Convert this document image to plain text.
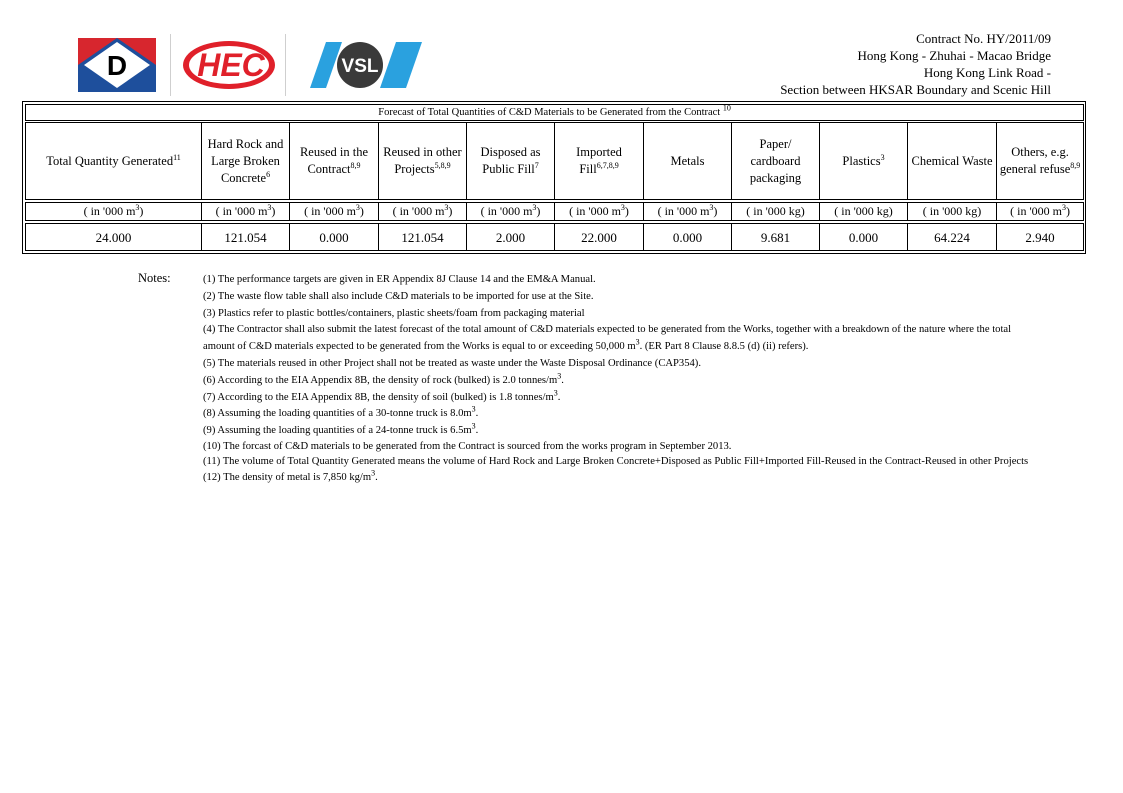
D HEC	VSL
Contract No. HY/2011/09
Hong Kong - Zhuhai - Macao Bridge
Hong Kong Link Road -
Section between HKSAR Boundary and Scenic Hill
Forecast of Total Quantities of C&D Materials to be Generated from the Contract $^{10}$
Total Quantity Generated$^{11}$	Hard Rock and Large Broken Concrete$^6$	Reused in the Contract$^{8,9}$	Reused in other Projects$^{5,8,9}$	Disposed as Public Fill$^7$	Imported Fill$^{6,7,8,9}$	Metals	Paper/ cardboard packaging	Plastics$^3$	Chemical Waste	Others, e.g. general refuse$^{8,9}$

( in '000 $m^3$)	( in '000 $m^3$)	( in '000 $m^3$)	( in '000 $m^3$)	( in '000 $m^3$)	( in '000 $m^3$)	( in '000 $m^3$)	( in '000 kg)	( in '000 kg)	( in '000 kg)	( in '000 $m^3$)

24.000	121.054	0.000	121.054	2.000	22.000	0.000	9.681	0.000	64.224	2.940
Notes:	(1) The performance targets are given in ER Appendix 8J Clause 14 and the EM&A Manual.
(2) The waste flow table shall also include C&D materials to be imported for use at the Site.
(3) Plastics refer to plastic bottles/containers, plastic sheets/foam from packaging material
(4) The Contractor shall also submit the latest forecast of the total amount of C&D materials expected to be generated from the Works, together with a breakdown of the nature where the total
amount of C&D materials expected to be generated from the Works is equal to or exceeding 50,000 $m^3$. (ER Part 8 Clause 8.8.5 (d) (ii) refers).
(5) The materials reused in other Project shall not be treated as waste under the Waste Disposal Ordinance (CAP354).
(6) According to the EIA Appendix 8B, the density of rock (bulked) is 2.0 tonnes/$m^3$.
(7) According to the EIA Appendix 8B, the density of soil (bulked) is 1.8 tonnes/$m^3$.
(8) Assuming the loading quantities of a 30-tonne truck is $8.0m^3$.
(9) Assuming the loading quantities of a 24-tonne truck is $6.5m^3$.
(10) The forcast of C&D materials to be generated from the Contract is sourced from the works program in September 2013.
(11) The volume of Total Quantity Generated means the volume of Hard Rock and Large Broken Concrete+Disposed as Public Fill+Imported Fill-Reused in the Contract-Reused in other Projects
(12) The density of metal is 7,850 $kg/m^3$.
